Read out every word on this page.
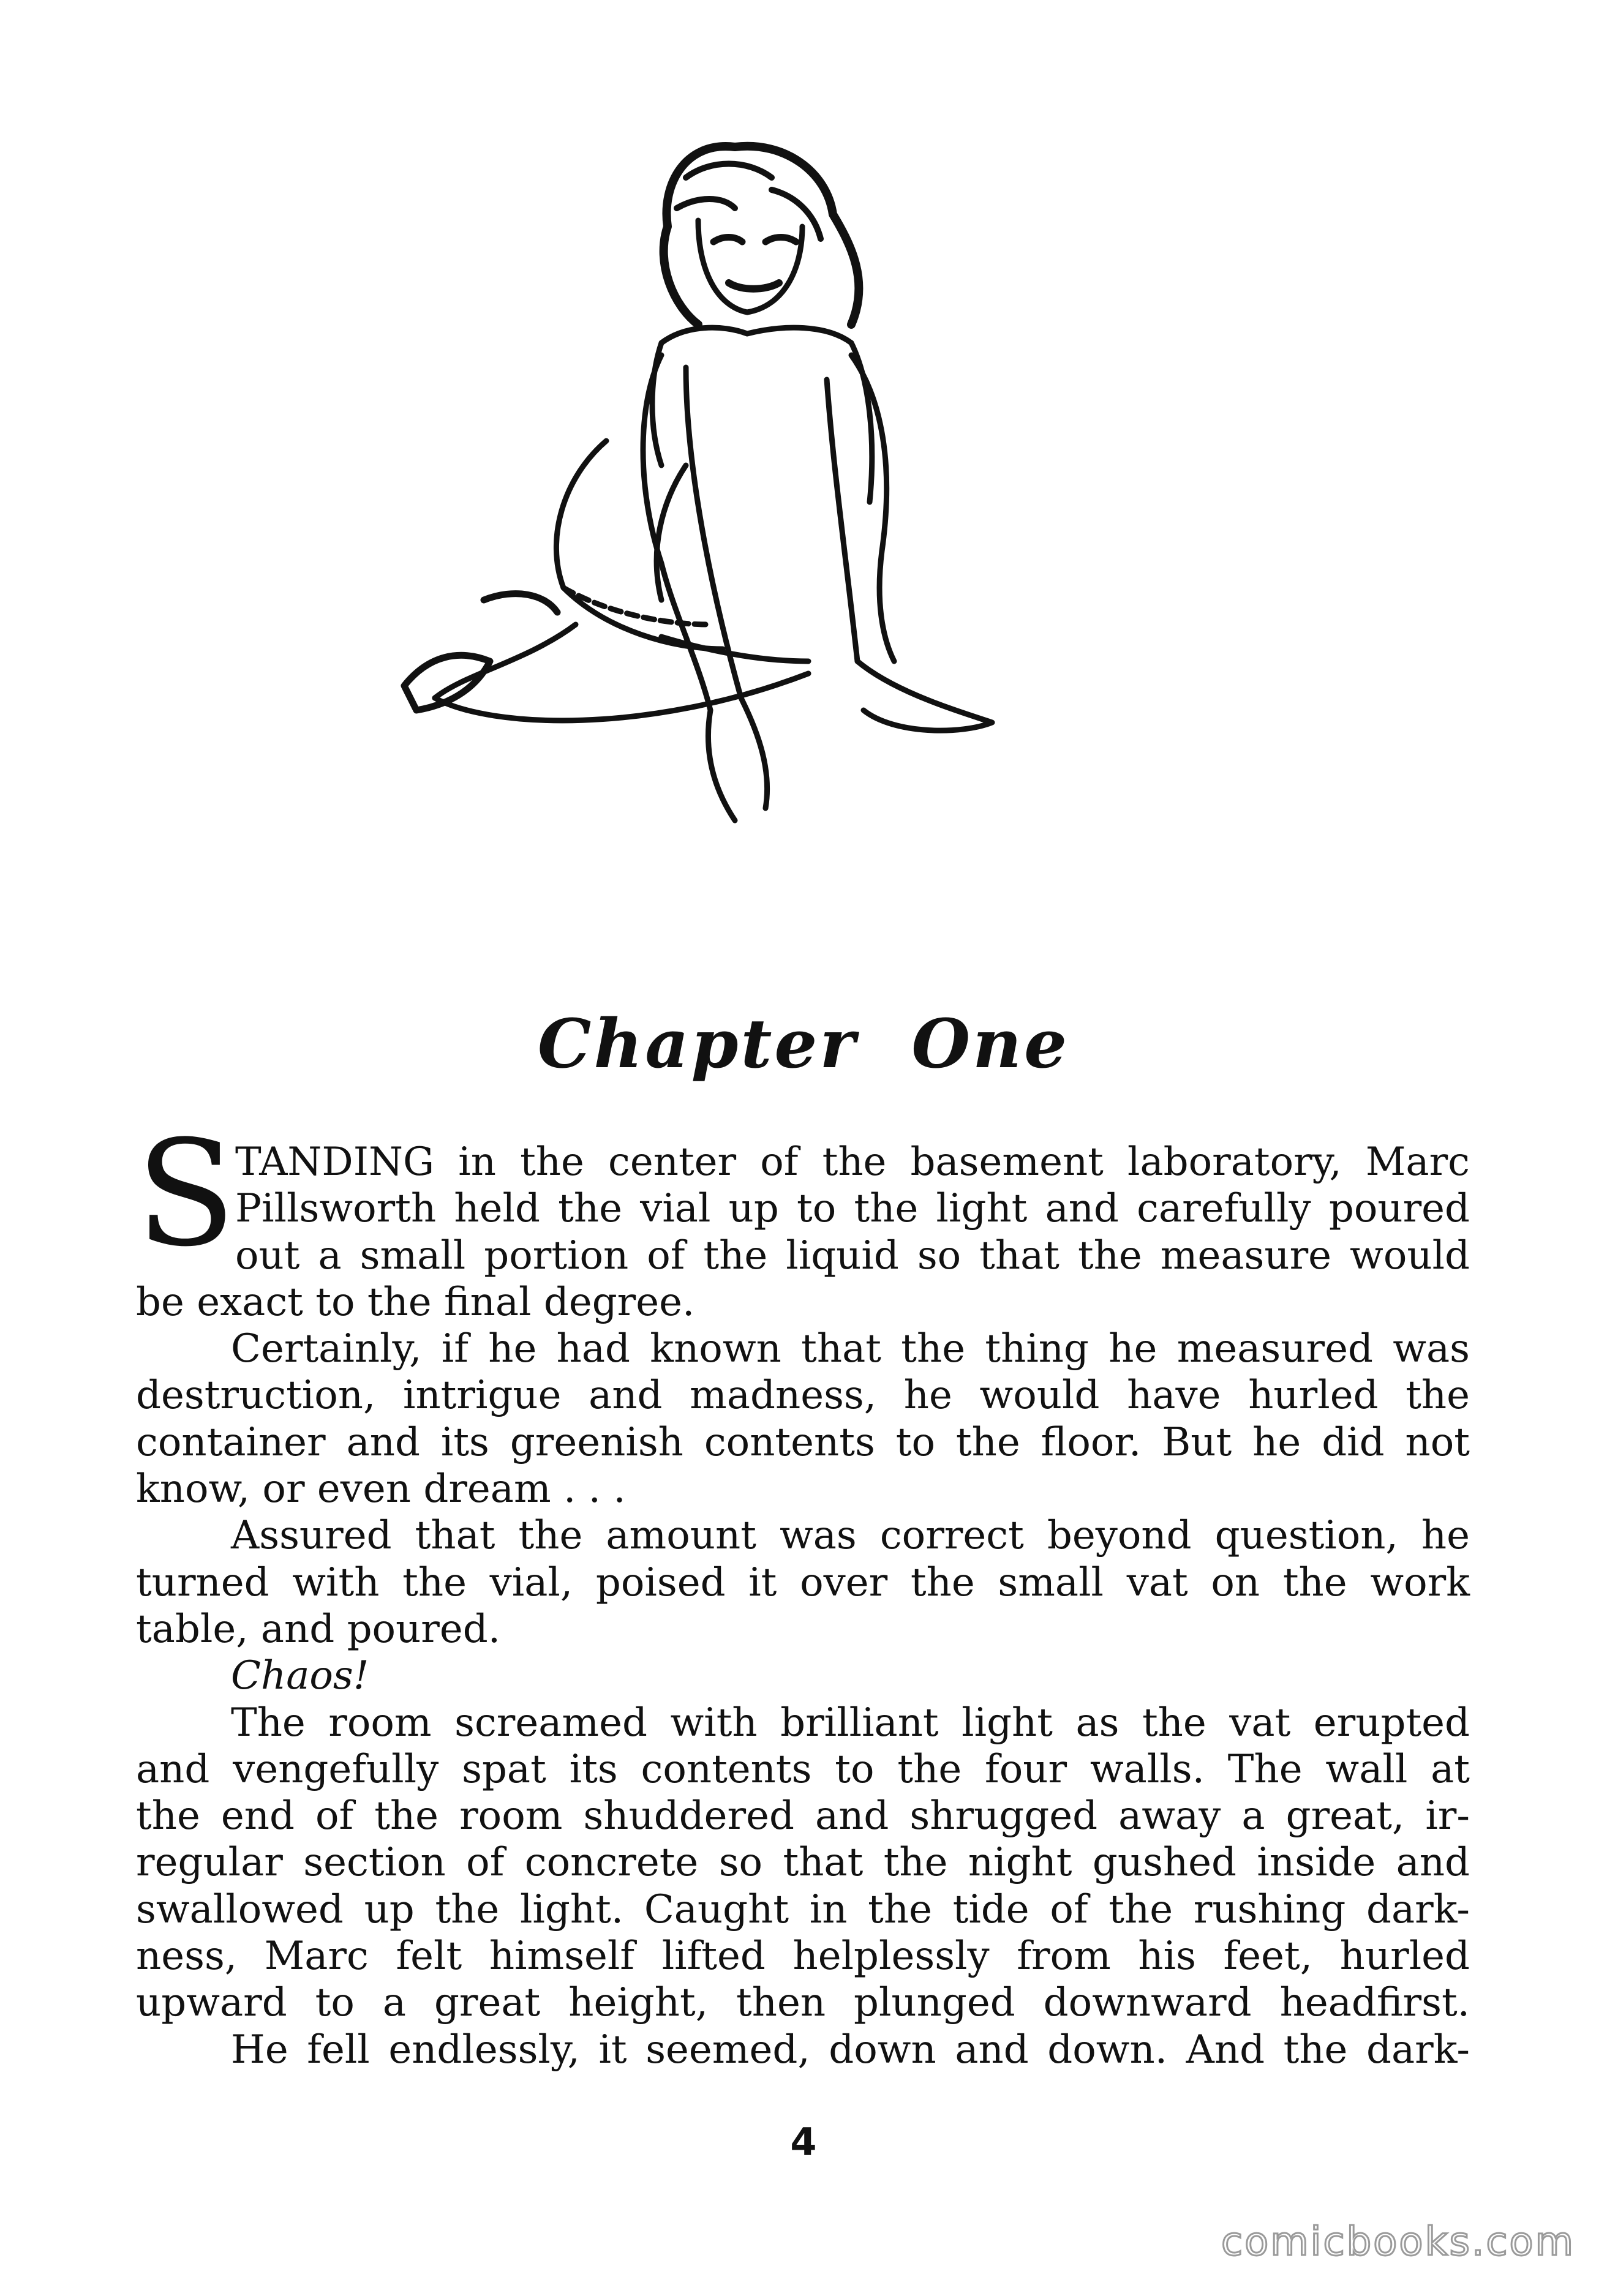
Chapter One
S
TANDING in the center of the basement laboratory, Marc
Pillsworth held the vial up to the light and carefully poured
out a small portion of the liquid so that the measure would
be exact to the final degree.
Certainly, if he had known that the thing he measured was
destruction, intrigue and madness, he would have hurled the
container and its greenish contents to the floor. But he did not
know, or even dream . . .
Assured that the amount was correct beyond question, he
turned with the vial, poised it over the small vat on the work
table, and poured.
Chaos!
The room screamed with brilliant light as the vat erupted
and vengefully spat its contents to the four walls. The wall at
the end of the room shuddered and shrugged away a great, ir-
regular section of concrete so that the night gushed inside and
swallowed up the light. Caught in the tide of the rushing dark-
ness, Marc felt himself lifted helplessly from his feet, hurled
upward to a great height, then plunged downward headfirst.
He fell endlessly, it seemed, down and down. And the dark-
4
comicbooks.com
